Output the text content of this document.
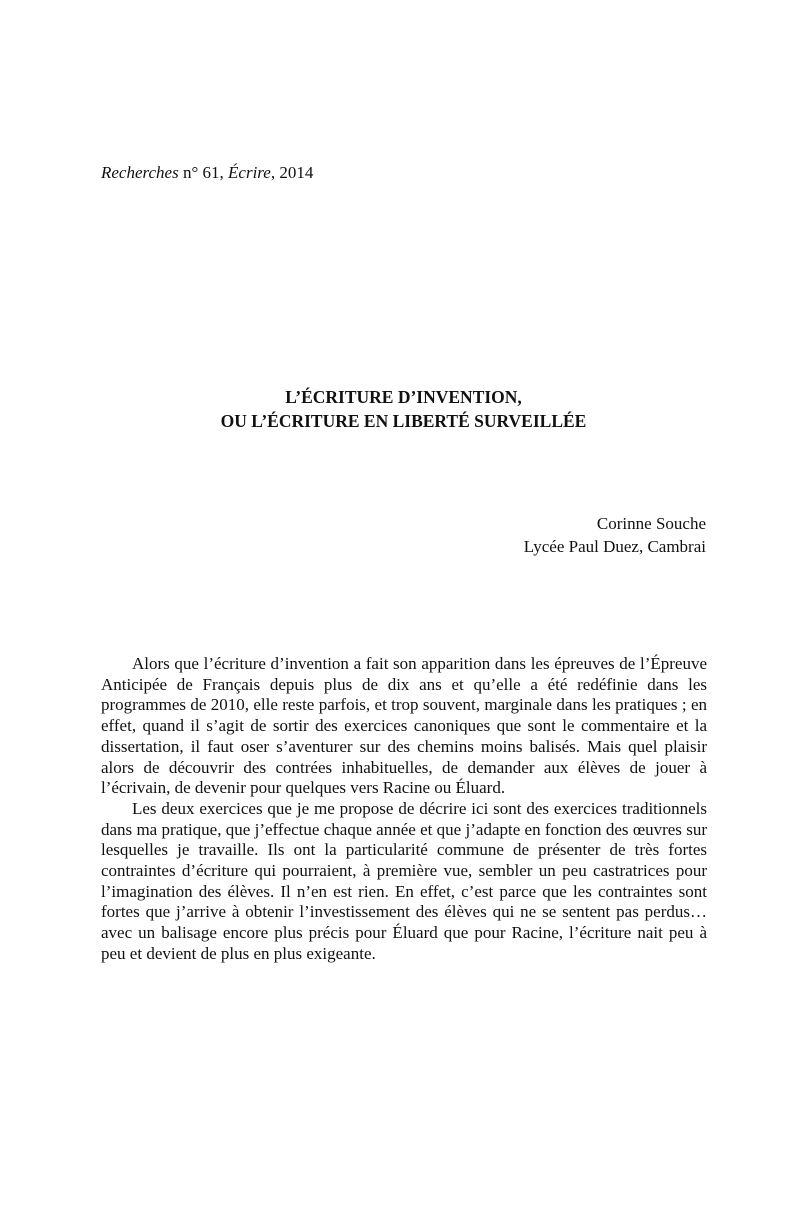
Recherches n° 61, Écrire, 2014
L’ÉCRITURE D’INVENTION,
OU L’ÉCRITURE EN LIBERTÉ SURVEILLÉE
Corinne Souche
Lycée Paul Duez, Cambrai

Alors que l’écriture d’invention a fait son apparition dans les épreuves de l’Épreuve Anticipée de Français depuis plus de dix ans et qu’elle a été redéfinie dans les programmes de 2010, elle reste parfois, et trop souvent, marginale dans les pratiques ; en effet, quand il s’agit de sortir des exercices canoniques que sont le commentaire et la dissertation, il faut oser s’aventurer sur des chemins moins balisés. Mais quel plaisir alors de découvrir des contrées inhabituelles, de demander aux élèves de jouer à l’écrivain, de devenir pour quelques vers Racine ou Éluard.

Les deux exercices que je me propose de décrire ici sont des exercices traditionnels dans ma pratique, que j’effectue chaque année et que j’adapte en fonction des œuvres sur lesquelles je travaille. Ils ont la particularité commune de présenter de très fortes contraintes d’écriture qui pourraient, à première vue, sembler un peu castratrices pour l’imagination des élèves. Il n’en est rien. En effet, c’est parce que les contraintes sont fortes que j’arrive à obtenir l’investissement des élèves qui ne se sentent pas perdus… avec un balisage encore plus précis pour Éluard que pour Racine, l’écriture nait peu à peu et devient de plus en plus exigeante.
